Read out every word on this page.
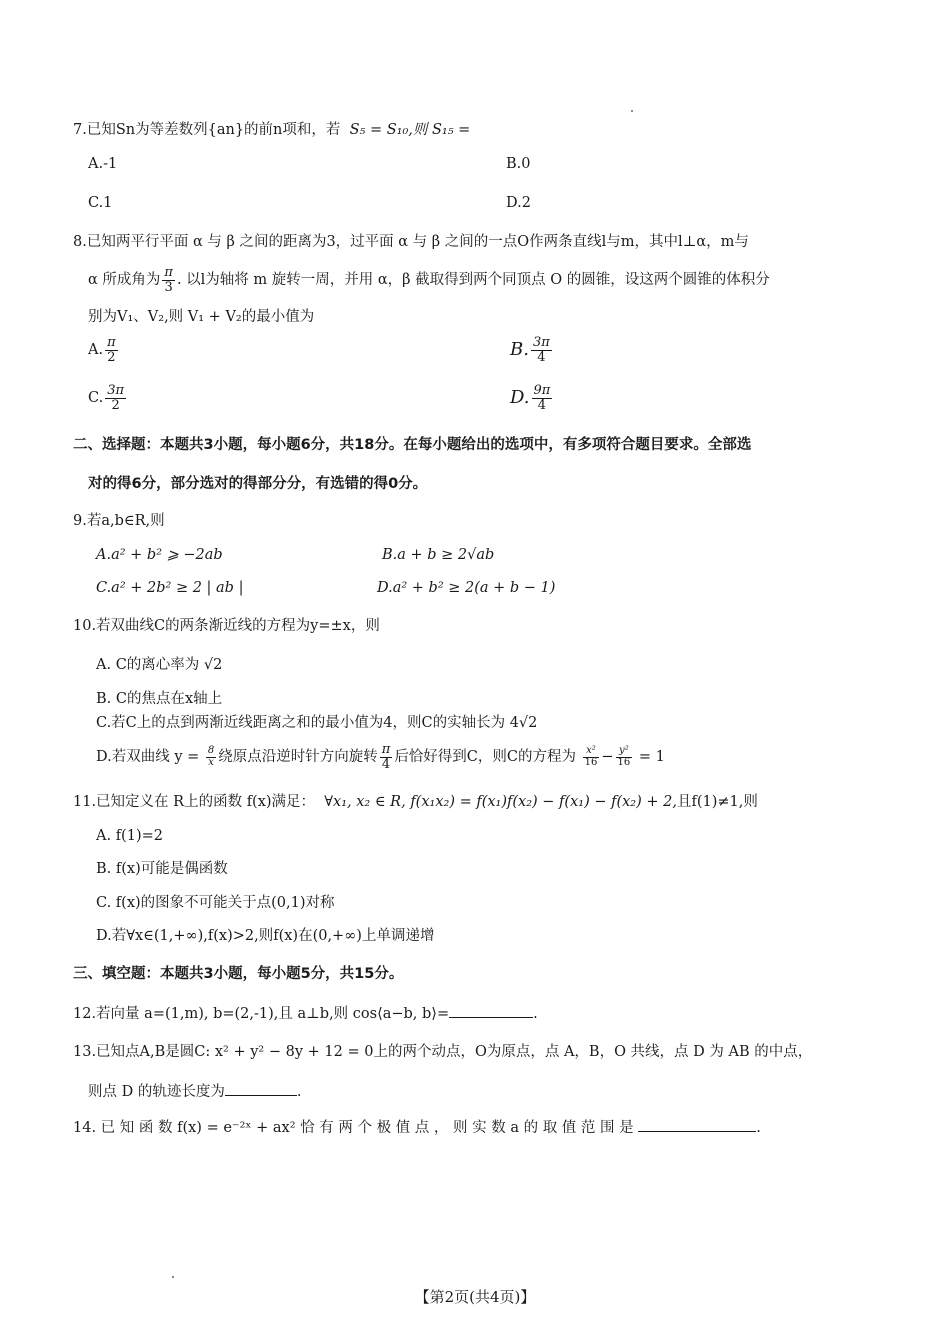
7.已知Sn为等差数列{an}的前n项和，若 S₅ = S₁₀,则 S₁₅ =
A.-1	B.0
C.1	D.2
8.已知两平行平面 α 与 β 之间的距离为3，过平面 α 与 β 之间的一点O作两条直线l与m，其中l⊥α，m与
α 所成角为 $\frac{\pi}{3}$ . 以l为轴将 m 旋转一周，并用 α，β 截取得到两个同顶点 O 的圆锥，设这两个圆锥的体积分
别为V₁、V₂,则 V₁ + V₂的最小值为
A. $\frac{\pi}{2}$	B. $\frac{3\pi}{4}$
C. $\frac{3\pi}{2}$	D. $\frac{9\pi}{4}$
二、选择题：本题共3小题，每小题6分，共18分。在每小题给出的选项中，有多项符合题目要求。全部选
对的得6分，部分选对的得部分分，有选错的得0分。
9.若a,b∈R,则
A.a² + b² ⩾ −2ab	B.a + b ≥ 2√ab
C.a² + 2b² ≥ 2 | ab |	D.a² + b² ≥ 2(a + b − 1)
10.若双曲线C的两条渐近线的方程为y=±x，则
A. C的离心率为 √2
B. C的焦点在x轴上
C.若C上的点到两渐近线距离之和的最小值为4，则C的实轴长为 4√2
D.若双曲线 $y = \frac{8}{x}$ 绕原点沿逆时针方向旋转 $\frac{\pi}{4}$ 后恰好得到C，则C的方程为 $\frac{\text{x²}}{16} - \frac{\text{y²}}{16} = 1$
11.已知定义在 R上的函数 f(x)满足： ∀x₁, x₂ ∈ R, f(x₁x₂) = f(x₁)f(x₂) − f(x₁) − f(x₂) + 2,且f(1)≠1,则
A. f(1)=2
B. f(x)可能是偶函数
C. f(x)的图象不可能关于点(0,1)对称
D.若∀x∈(1,+∞),f(x)>2,则f(x)在(0,+∞)上单调递增
三、填空题：本题共3小题，每小题5分，共15分。
12.若向量 a=(1,m), b=(2,-1),且 a⊥b,则 cos⟨a−b, b⟩=	.
13.已知点A,B是圆C: x² + y² − 8y + 12 = 0上的两个动点，O为原点，点 A，B，O 共线，点 D 为 AB 的中点，
则点 D 的轨迹长度为	.
14. 已 知 函 数 f(x) = e⁻²ˣ + ax² 恰 有 两 个 极 值 点 ， 则 实 数 a 的 取 值 范 围 是	.
【第2页(共4页)】
